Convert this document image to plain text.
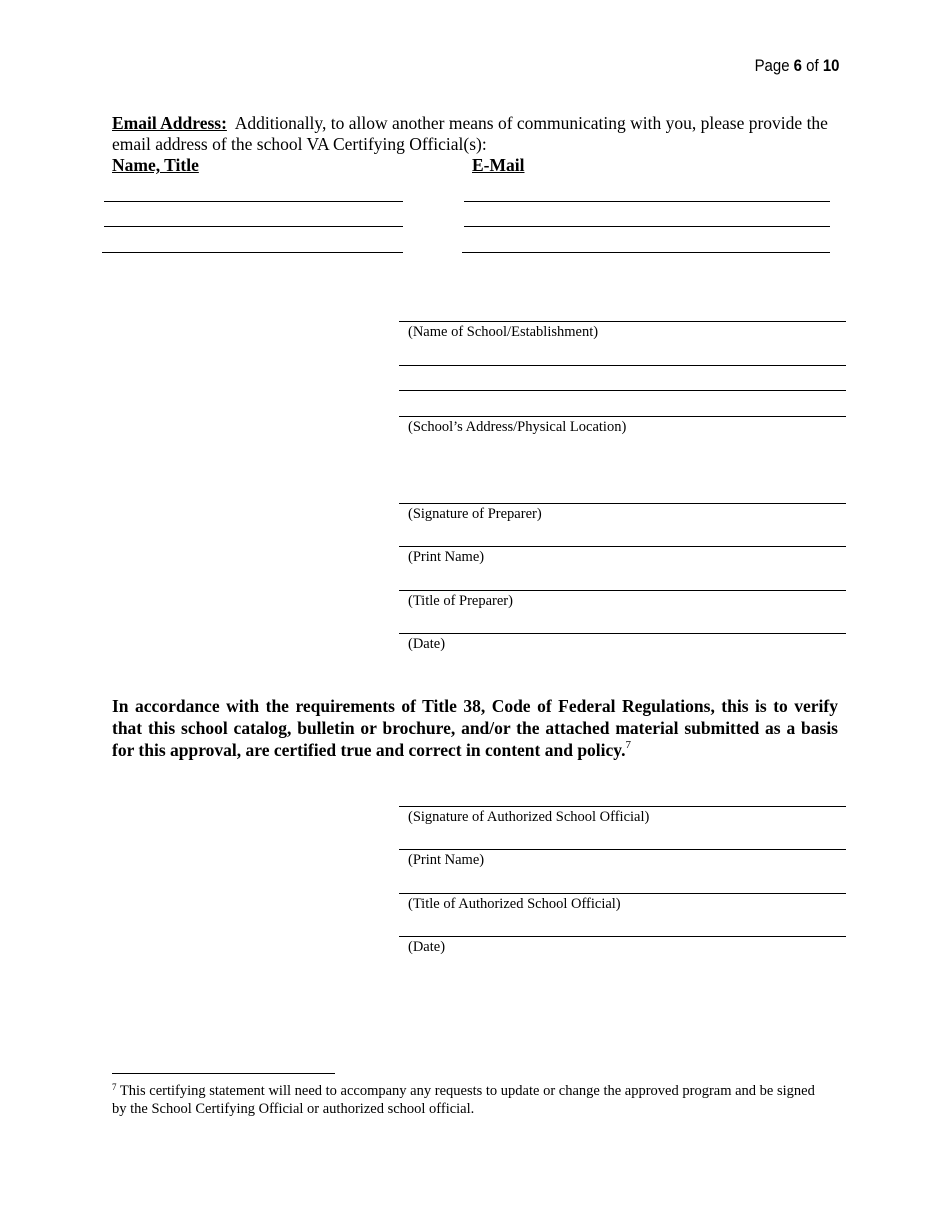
Page 6 of 10
Email Address: Additionally, to allow another means of communicating with you, please provide the email address of the school VA Certifying Official(s):
Name, Title	E-Mail
(Name of School/Establishment)
(School’s Address/Physical Location)
(Signature of Preparer)
(Print Name)
(Title of Preparer)
(Date)
In accordance with the requirements of Title 38, Code of Federal Regulations, this is to verify that this school catalog, bulletin or brochure, and/or the attached material submitted as a basis for this approval, are certified true and correct in content and policy.$^7$
(Signature of Authorized School Official)
(Print Name)
(Title of Authorized School Official)
(Date)
$^7$ This certifying statement will need to accompany any requests to update or change the approved program and be signed by the School Certifying Official or authorized school official.
